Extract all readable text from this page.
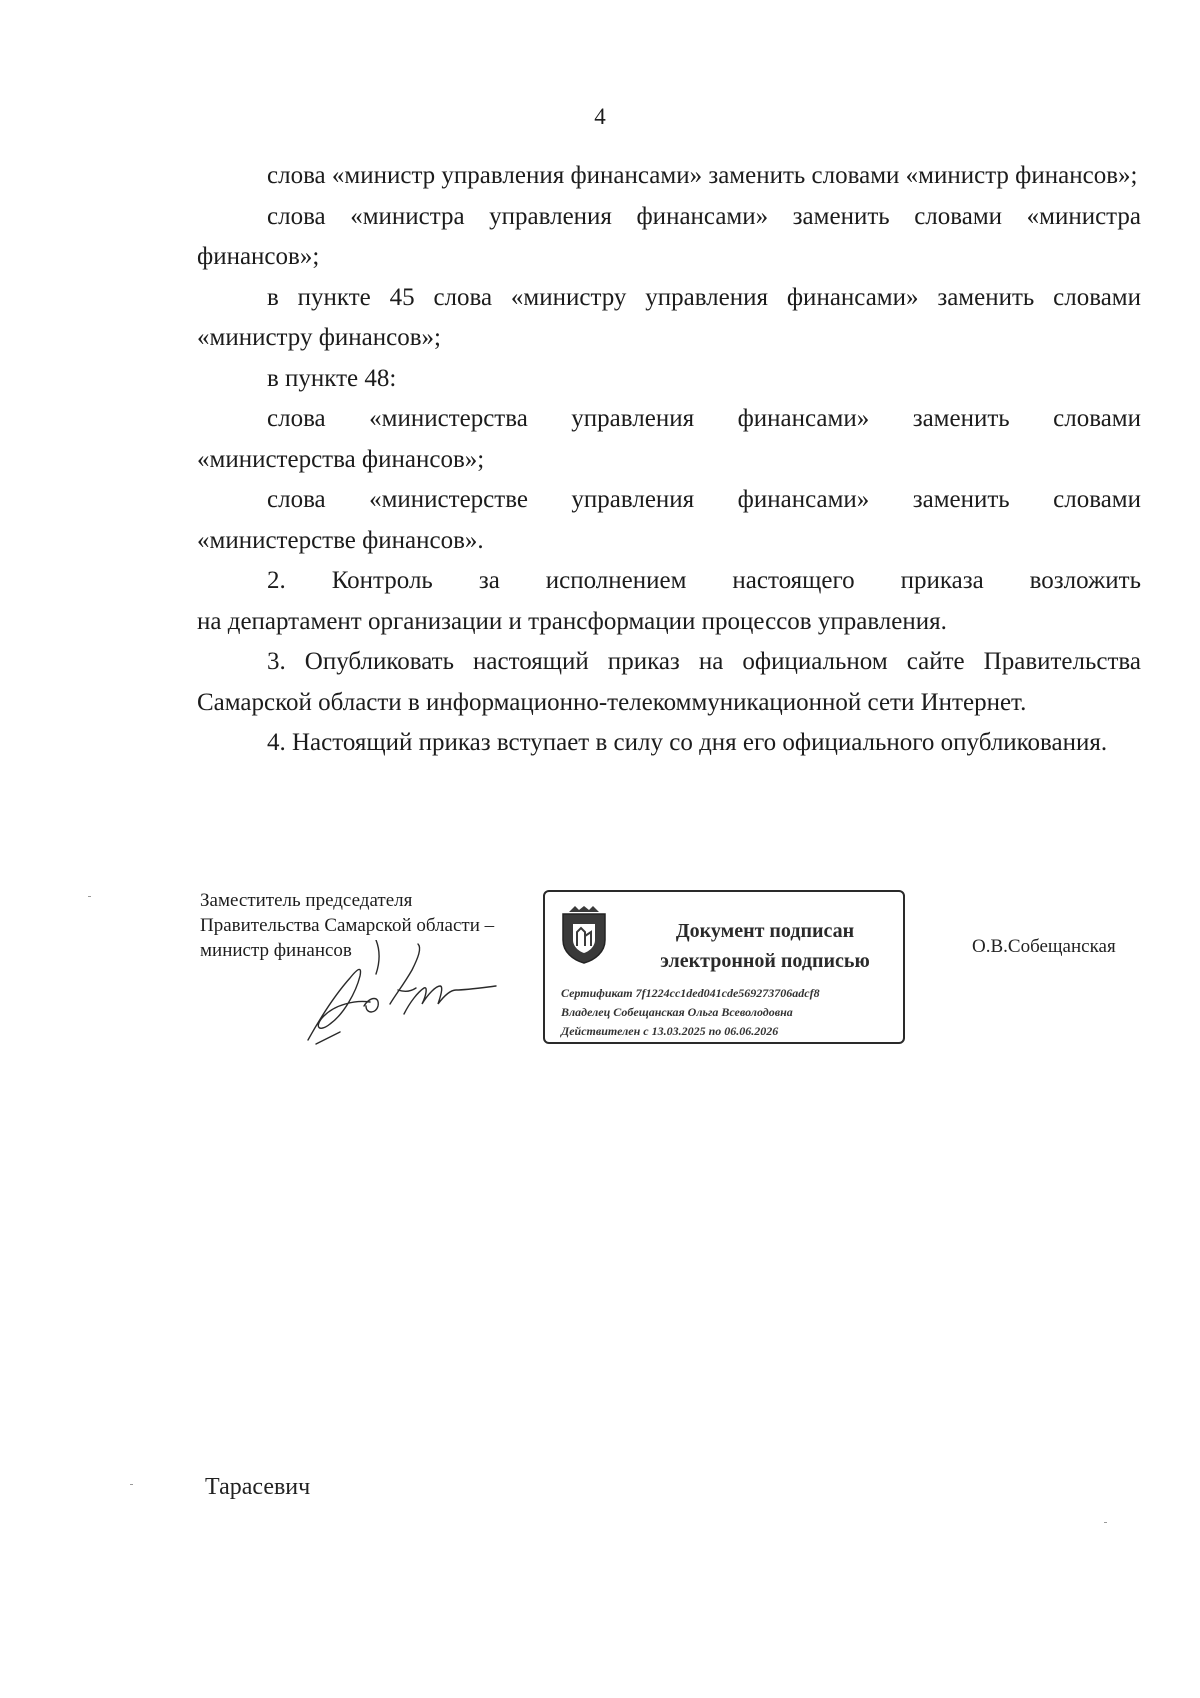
4

слова «министр управления финансами» заменить словами «министр финансов»;

слова «министра управления финансами» заменить словами «министра финансов»;

в пункте 45 слова «министру управления финансами» заменить словами «министру финансов»;

в пункте 48:

слова «министерства управления финансами» заменить словами

«министерства финансов»;

слова «министерстве управления финансами» заменить словами

«министерстве финансов».

2. Контроль за исполнением настоящего приказа возложить

на департамент организации и трансформации процессов управления.

3. Опубликовать настоящий приказ на официальном сайте Правительства Самарской области в информационно-телекоммуникационной сети Интернет.

4. Настоящий приказ вступает в силу со дня его официального опубликования.

Заместитель председателя
Правительства Самарской области –
министр финансов
Документ подписан
электронной подписью
Сертификат 7f1224cc1ded041cde569273706adcf8
Владелец Собещанская Ольга Всеволодовна
Действителен с 13.03.2025 по 06.06.2026
О.В.Собещанская
Тарасевич
